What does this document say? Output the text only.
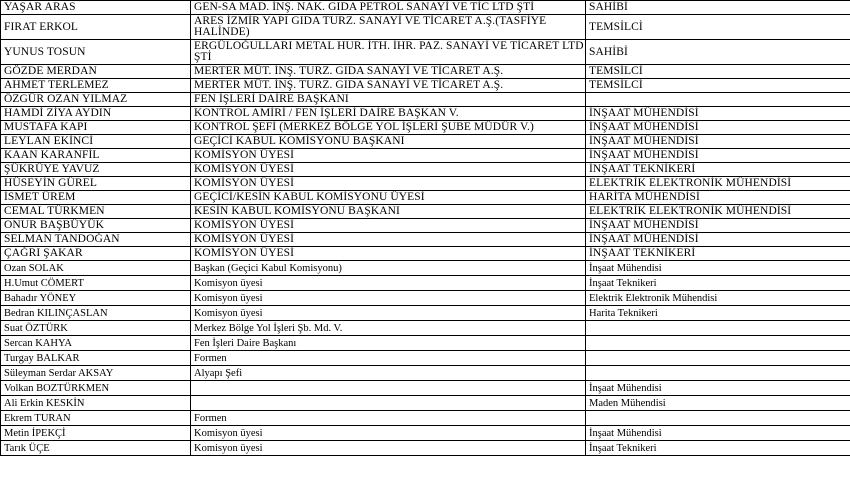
YAŞAR ARAS	GEN-SA MAD. İNŞ. NAK. GIDA PETROL SANAYİ VE TİC LTD ŞTİ	SAHİBİ
FIRAT ERKOL	ARES İZMİR YAPI GIDA TURZ. SANAYİ VE TİCARET A.Ş.(TASFİYE HALİNDE)	TEMSİLCİ
YUNUS TOSUN	ERGÜLOĞULLARI METAL HUR. İTH. İHR. PAZ. SANAYİ VE TİCARET LTD ŞTİ	SAHİBİ
GÖZDE MERDAN	MERTER MÜT. İNŞ. TURZ. GIDA SANAYİ VE TİCARET A.Ş.	TEMSİLCİ
AHMET TERLEMEZ	MERTER MÜT. İNŞ. TURZ. GIDA SANAYİ VE TİCARET A.Ş.	TEMSİLCİ
ÖZGÜR OZAN YILMAZ	FEN İŞLERİ DAİRE BAŞKANI	
HAMDİ ZİYA AYDIN	KONTROL AMİRİ / FEN İŞLERİ DAİRE BAŞKAN V.	İNŞAAT MÜHENDİSİ
MUSTAFA KAPI	KONTROL ŞEFİ (MERKEZ BÖLGE YOL İŞLERİ ŞUBE MÜDÜR V.)	İNŞAAT MÜHENDİSİ
LEYLAN EKİNCİ	GEÇİCİ KABUL KOMİSYONU BAŞKANI	İNŞAAT MÜHENDİSİ
KAAN KARANFİL	KOMİSYON ÜYESİ	İNŞAAT MÜHENDİSİ
ŞÜKRÜYE YAVUZ	KOMİSYON ÜYESİ	İNŞAAT TEKNİKERİ
HÜSEYİN GÜREL	KOMİSYON ÜYESİ	ELEKTRİK ELEKTRONİK MÜHENDİSİ
İSMET ÜREM	GEÇİCİ/KESİN KABUL KOMİSYONU ÜYESİ	HARİTA MÜHENDİSİ
CEMAL TÜRKMEN	KESİN KABUL KOMİSYONU BAŞKANI	ELEKTRİK ELEKTRONİK MÜHENDİSİ
ONUR BAŞBÜYÜK	KOMİSYON ÜYESİ	İNŞAAT MÜHENDİSİ
SELMAN TANDOĞAN	KOMİSYON ÜYESİ	İNŞAAT MÜHENDİSİ
ÇAĞRI ŞAKAR	KOMİSYON ÜYESİ	İNŞAAT TEKNİKERİ
Ozan SOLAK	Başkan (Geçici Kabul Komisyonu)	İnşaat Mühendisi
H.Umut CÖMERT	Komisyon üyesi	İnşaat Teknikeri
Bahadır YÖNEY	Komisyon üyesi	Elektrik Elektronik Mühendisi
Bedran KILINÇASLAN	Komisyon üyesi	Harita Teknikeri
Suat ÖZTÜRK	Merkez Bölge Yol İşleri Şb. Md. V.	
Sercan KAHYA	Fen İşleri Daire Başkanı	
Turgay BALKAR	Formen	
Süleyman Serdar AKSAY	Alyapı Şefi	
Volkan BOZTÜRKMEN		İnşaat Mühendisi
Ali Erkin KESKİN		Maden Mühendisi
Ekrem TURAN	Formen	
Metin İPEKÇİ	Komisyon üyesi	İnşaat Mühendisi
Tarık ÜÇE	Komisyon üyesi	İnşaat Teknikeri
